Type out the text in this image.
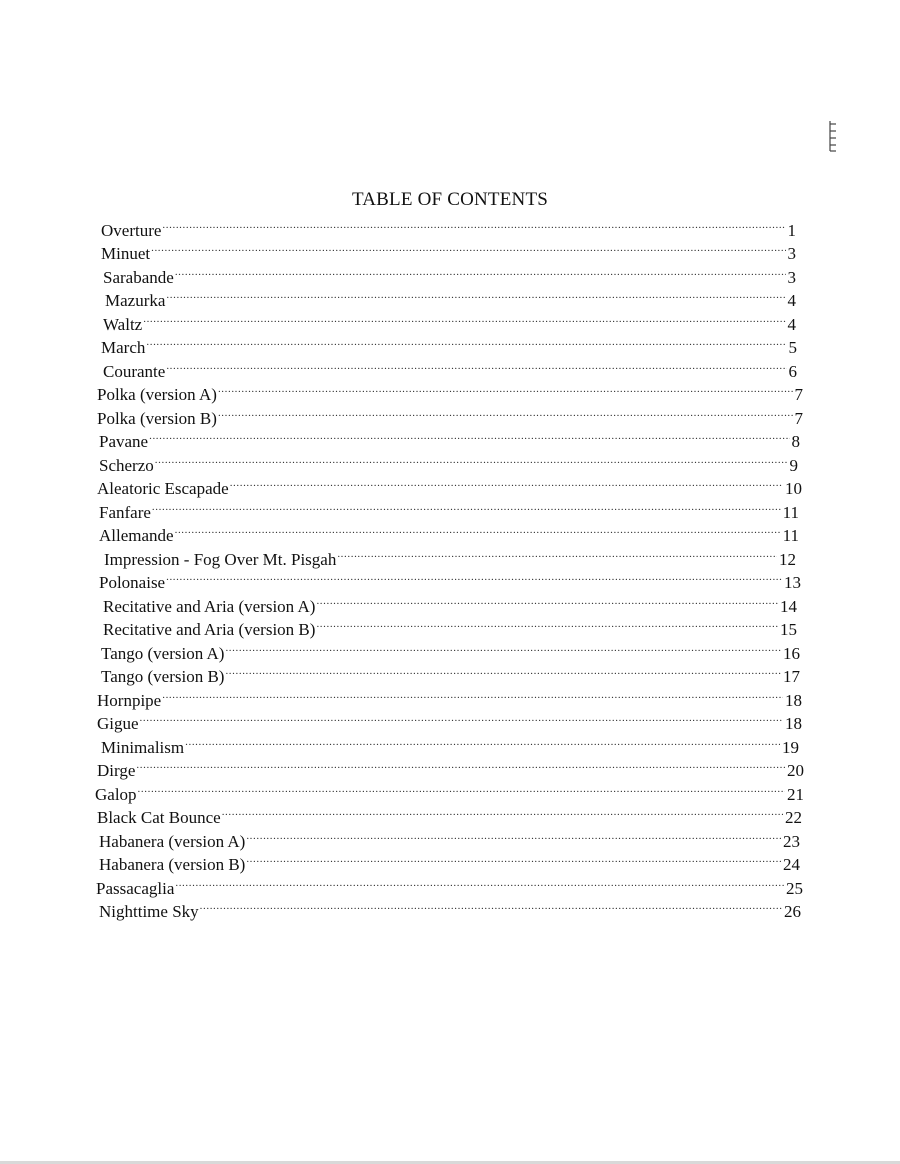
TABLE OF CONTENTS
Overture .....	1
Minuet .....	3
Sarabande .....	3
Mazurka .....	4
Waltz .....	4
March .....	5
Courante .....	6
Polka (version A) .....	7
Polka (version B) .....	7
Pavane .....	8
Scherzo .....	9
Aleatoric Escapade .....	10
Fanfare .....	11
Allemande .....	11
Impression - Fog Over Mt. Pisgah .....	12
Polonaise .....	13
Recitative and Aria (version A) .....	14
Recitative and Aria (version B) .....	15
Tango (version A) .....	16
Tango (version B) .....	17
Hornpipe .....	18
Gigue .....	18
Minimalism .....	19
Dirge .....	20
Galop .....	21
Black Cat Bounce .....	22
Habanera (version A) .....	23
Habanera (version B) .....	24
Passacaglia .....	25
Nighttime Sky .....	26
